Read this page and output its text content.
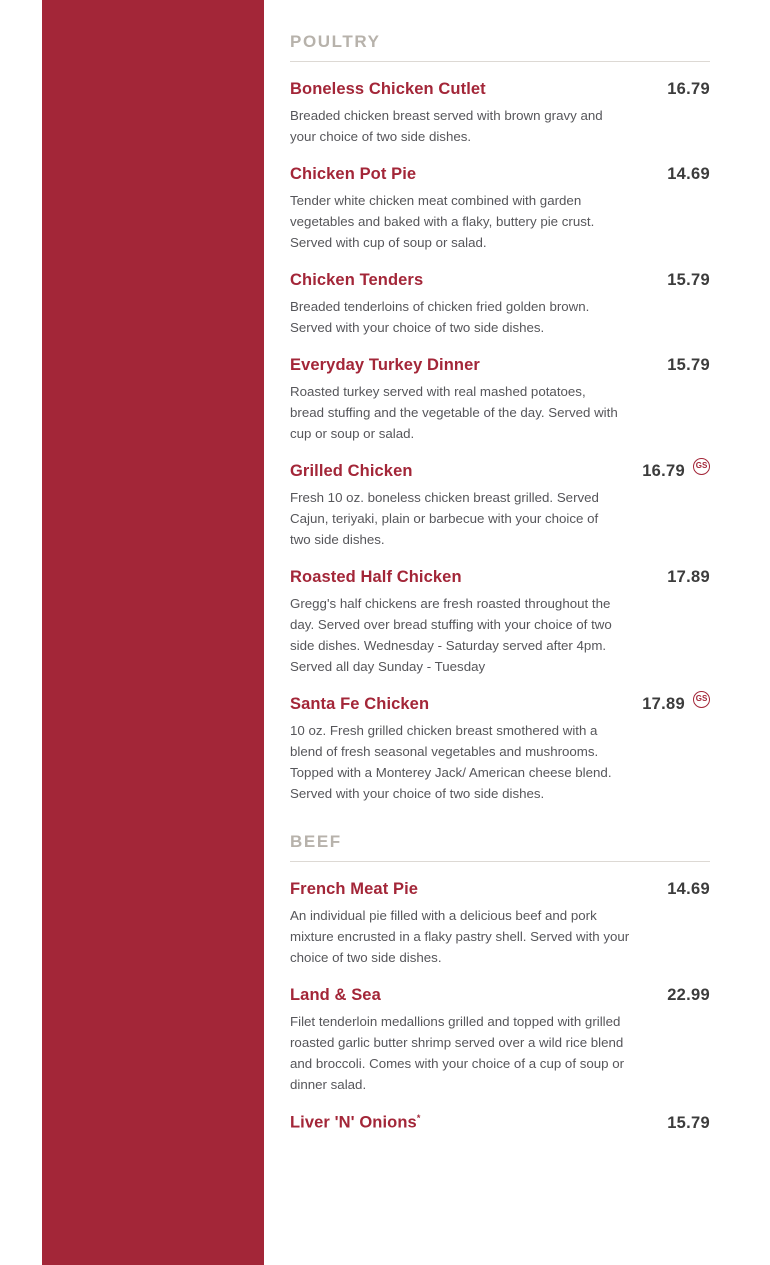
POULTRY
Boneless Chicken Cutlet	16.79
Breaded chicken breast served with brown gravy and your choice of two side dishes.
Chicken Pot Pie	14.69
Tender white chicken meat combined with garden vegetables and baked with a flaky, buttery pie crust. Served with cup of soup or salad.
Chicken Tenders	15.79
Breaded tenderloins of chicken fried golden brown. Served with your choice of two side dishes.
Everyday Turkey Dinner	15.79
Roasted turkey served with real mashed potatoes, bread stuffing and the vegetable of the day. Served with cup or soup or salad.
Grilled Chicken	16.79	GS
Fresh 10 oz. boneless chicken breast grilled. Served Cajun, teriyaki, plain or barbecue with your choice of two side dishes.
Roasted Half Chicken	17.89
Gregg's half chickens are fresh roasted throughout the day. Served over bread stuffing with your choice of two side dishes. Wednesday - Saturday served after 4pm. Served all day Sunday - Tuesday
Santa Fe Chicken	17.89	GS
10 oz. Fresh grilled chicken breast smothered with a blend of fresh seasonal vegetables and mushrooms. Topped with a Monterey Jack/ American cheese blend. Served with your choice of two side dishes.
BEEF
French Meat Pie	14.69
An individual pie filled with a delicious beef and pork mixture encrusted in a flaky pastry shell. Served with your choice of two side dishes.
Land & Sea	22.99
Filet tenderloin medallions grilled and topped with grilled roasted garlic butter shrimp served over a wild rice blend and broccoli. Comes with your choice of a cup of soup or dinner salad.
Liver 'N' Onions*	15.79
